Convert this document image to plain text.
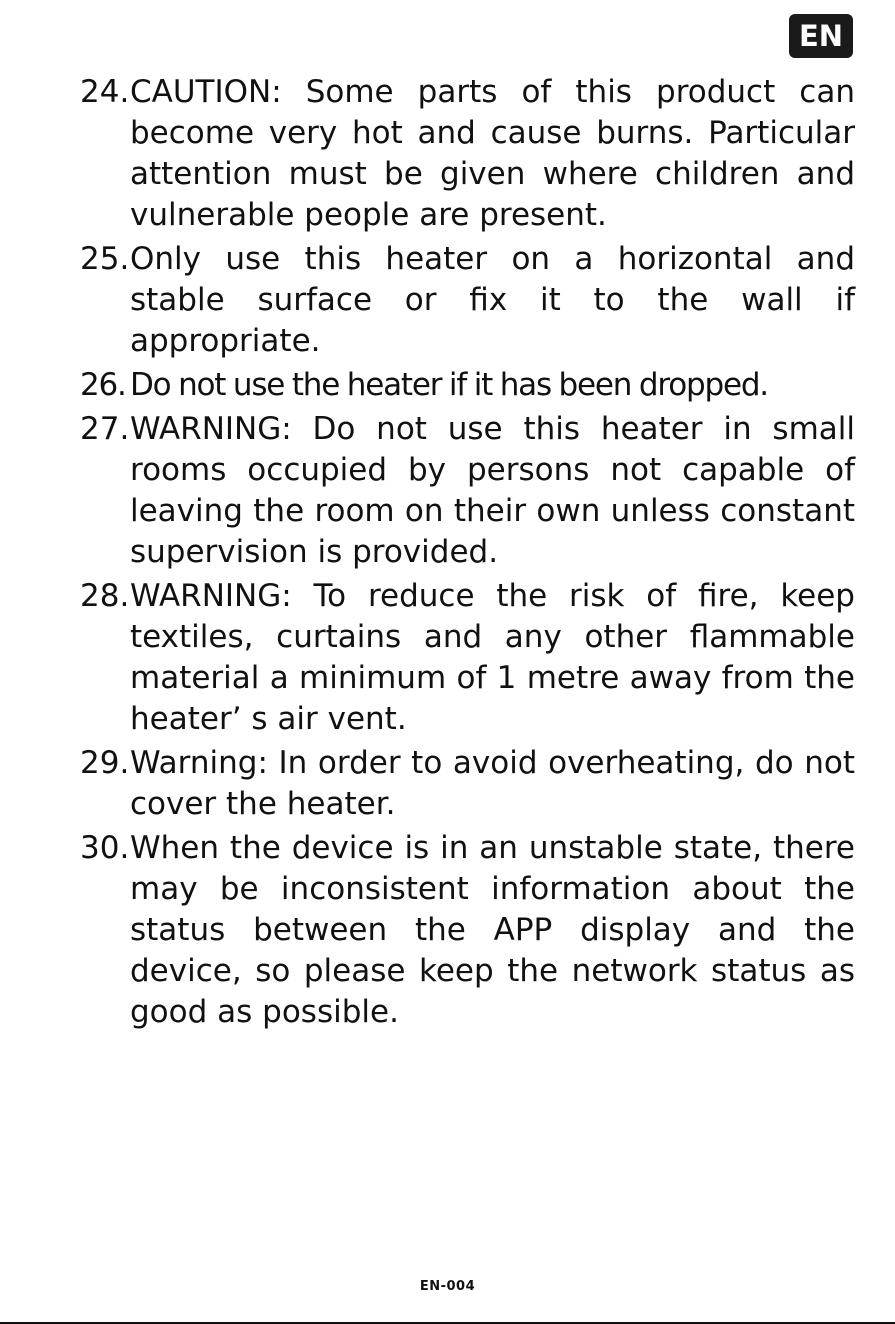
EN
24. CAUTION: Some parts of this product can become very hot and cause burns. Particular attention must be given where children and vulnerable people are present.
25. Only use this heater on a horizontal and stable surface or fix it to the wall if appropriate.
26. Do not use the heater if it has been dropped.
27. WARNING: Do not use this heater in small rooms occupied by persons not capable of leaving the room on their own unless constant supervision is provided.
28. WARNING: To reduce the risk of fire, keep textiles, curtains and any other flammable material a minimum of 1 metre away from the heater’ s air vent.
29. Warning: In order to avoid overheating, do not cover the heater.
30. When the device is in an unstable state, there may be inconsistent information about the status between the APP display and the device, so please keep the network status as good as possible.
EN-004
